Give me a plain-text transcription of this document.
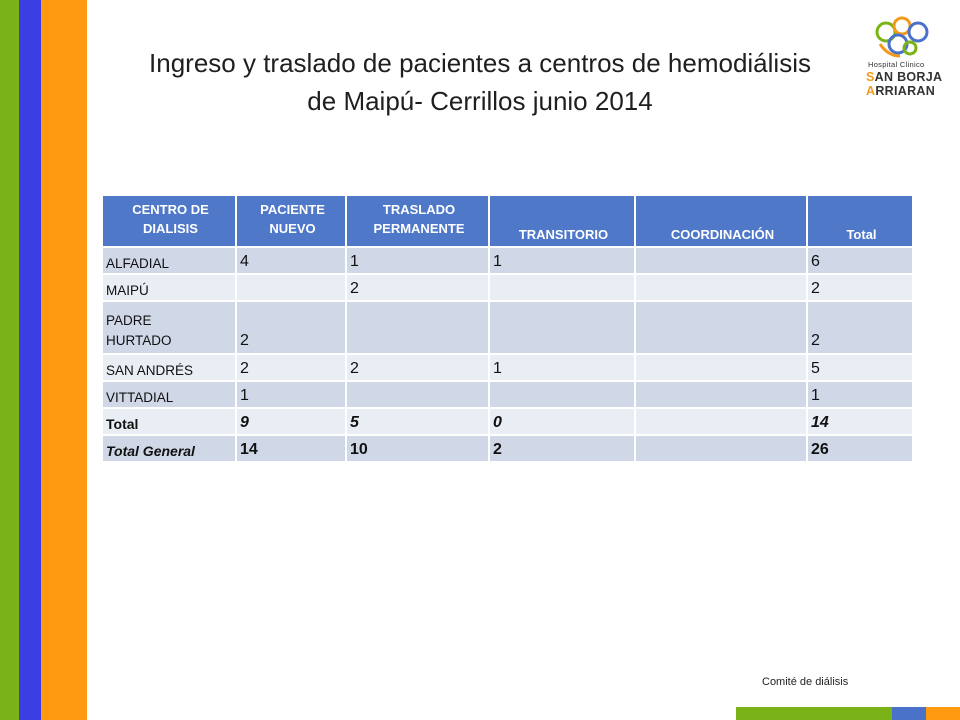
Ingreso y traslado de pacientes a centros de hemodiálisis
de Maipú- Cerrillos junio 2014
Hospital Clinico
SAN BORJA
ARRIARAN
CENTRO DE DIALISIS	PACIENTE NUEVO	TRASLADO PERMANENTE	TRANSITORIO	COORDINACIÓN	Total
ALFADIAL	4	1	1		6
MAIPÚ		2			2
PADRE HURTADO	2				2
SAN ANDRÉS	2	2	1		5
VITTADIAL	1				1
Total	9	5	0		14
Total General	14	10	2		26
Comité de diálisis
